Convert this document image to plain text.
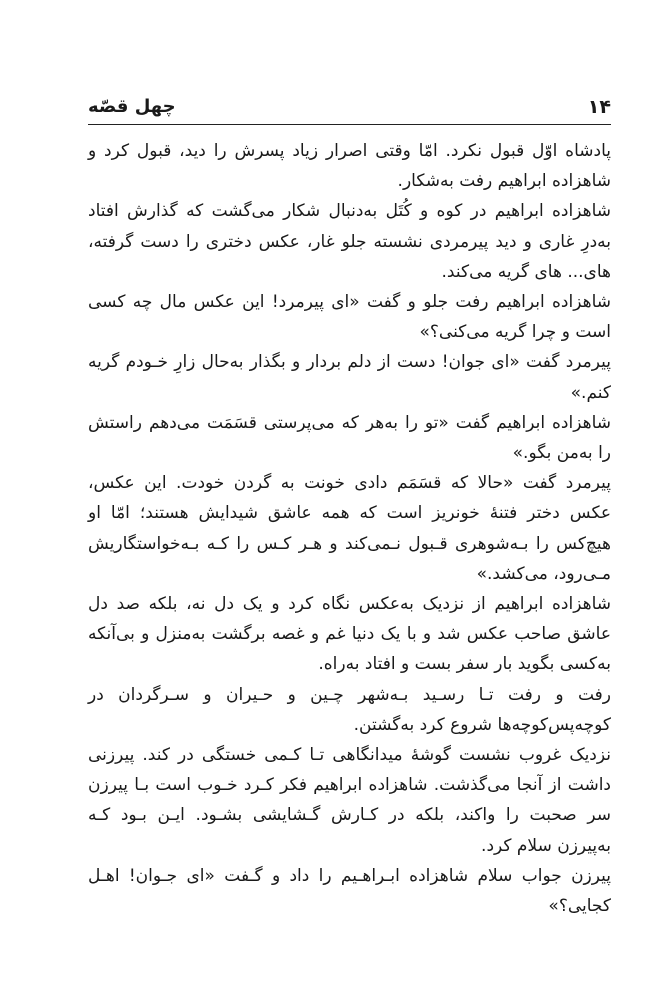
۱۴
چهل قصّه

پادشاه اوّل قبول نکرد. امّا وقتی اصرار زیاد پسرش را دید، قبول کرد و شاهزاده ابراهیم رفت به‌شکار.

شاهزاده ابراهیم در کوه و کُتَل به‌دنبال شکار می‌گشت که گذارش افتاد به‌درِ غاری و دید پیرمردی نشسته جلو غار، عکس دختری را دست گرفته، های... های گریه می‌کند.

شاهزاده ابراهیم رفت جلو و گفت «ای پیرمرد! این عکس مال چه کسی است و چرا گریه می‌کنی؟»

پیرمرد گفت «ای جوان! دست از دلم بردار و بگذار به‌حال زارِ خـودم گریه کنم.»

شاهزاده ابراهیم گفت «تو را به‌هر که می‌پرستی قسَمَت می‌دهم راستش را به‌من بگو.»

پیرمرد گفت «حالا که قسَمَم دادی خونت به گردن خودت. این عکس، عکس دختر فتنهٔ خونریز است که همه عاشق شیدایش هستند؛ امّا او هیچ‌کس را بـه‌شوهری قـبول نـمی‌کند و هـر کـس را کـه بـه‌خواستگاریش مـی‌رود، می‌کشد.»

شاهزاده ابراهیم از نزدیک به‌عکس نگاه کرد و یک دل نه، بلکه صد دل عاشق صاحب عکس شد و با یک دنیا غم و غصه برگشت به‌منزل و بی‌آنکه به‌کسی بگوید بار سفر بست و افتاد به‌راه.

رفت و رفت تـا رسـید بـه‌شهر چـین و حـیران و سـرگردان در کوچه‌پس‌کوچه‌ها شروع کرد به‌گشتن.

نزدیک غروب نشست گوشهٔ میدانگاهی تـا کـمی خستگی در کند. پیرزنی داشت از آنجا می‌گذشت. شاهزاده ابراهیم فکر کـرد خـوب است بـا پیرزن سر صحبت را واکند، بلکه در کـارش گـشایشی بشـود. ایـن بـود کـه به‌پیرزن سلام کرد.

پیرزن جواب سلام شاهزاده ابـراهـیم را داد و گـفت «ای جـوان! اهـل کجایی؟»
